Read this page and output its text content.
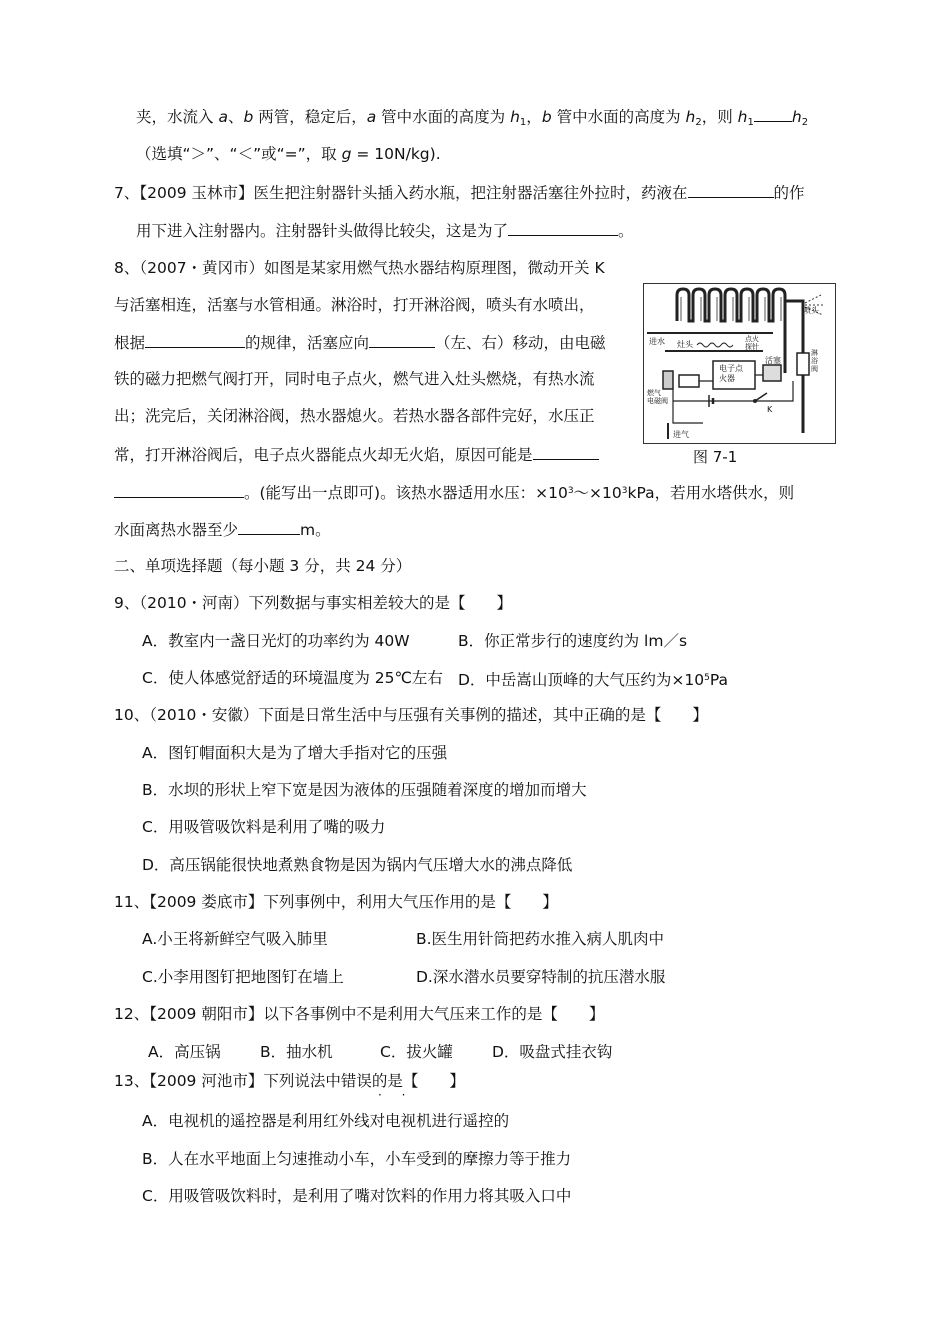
夹，水流入 a、b 两管，稳定后，a 管中水面的高度为 $h_1$，b 管中水面的高度为 $h_2$，则 $h_1$ $h_2$
（选填“＞”、“＜”或“=”，取 g = 10N/kg).
7、【2009 玉林市】医生把注射器针头插入药水瓶，把注射器活塞往外拉时，药液在	的作
用下进入注射器内。注射器针头做得比较尖，这是为了	。
8、（2007・黄冈市）如图是某家用燃气热水器结构原理图，微动开关 K
与活塞相连，活塞与水管相通。淋浴时，打开淋浴阀，喷头有水喷出，
根据	的规律，活塞应向	（左、右）移动，由电磁
铁的磁力把燃气阀打开，同时电子点火，燃气进入灶头燃烧，有热水流
出；洗完后，关闭淋浴阀，热水器熄火。若热水器各部件完好，水压正
常，打开淋浴阀后，电子点火器能点火却无火焰，原因可能是
。(能写出一点即可)。该热水器适用水压：$\times 10^3\sim\times 10^3kPa$，若用水塔供水，则
水面离热水器至少	m。
喷头
进水 灶头
点火
探针
活塞
淋浴阀
燃气
电磁阀
电子点
火器
进气
K
图 7-1
二、单项选择题（每小题 3 分，共 24 分）
9、（2010・河南）下列数据与事实相差较大的是【　　】
A．教室内一盏日光灯的功率约为 40W	B．你正常步行的速度约为 lm／s
C．使人体感觉舒适的环境温度为 25℃左右 D．中岳嵩山顶峰的大气压约为$\times 10^5Pa$
10、（2010・安徽）下面是日常生活中与压强有关事例的描述，其中正确的是【　　】
A．图钉帽面积大是为了增大手指对它的压强
B．水坝的形状上窄下宽是因为液体的压强随着深度的增加而增大
C．用吸管吸饮料是利用了嘴的吸力
D．高压锅能很快地煮熟食物是因为锅内气压增大水的沸点降低
11、【2009 娄底市】下列事例中，利用大气压作用的是【　　】
A.小王将新鲜空气吸入肺里	B.医生用针筒把药水推入病人肌肉中
C.小李用图钉把地图钉在墙上	D.深水潜水员要穿特制的抗压潜水服
12、【2009 朝阳市】以下各事例中不是利用大气压来工作的是【　　】
A．高压锅	B．抽水机	C．拔火罐	D．吸盘式挂衣钩
13、【2009 河池市】下列说法中错误的是【　　】
· ·
A．电视机的遥控器是利用红外线对电视机进行遥控的
B．人在水平地面上匀速推动小车，小车受到的摩擦力等于推力
C．用吸管吸饮料时，是利用了嘴对饮料的作用力将其吸入口中
